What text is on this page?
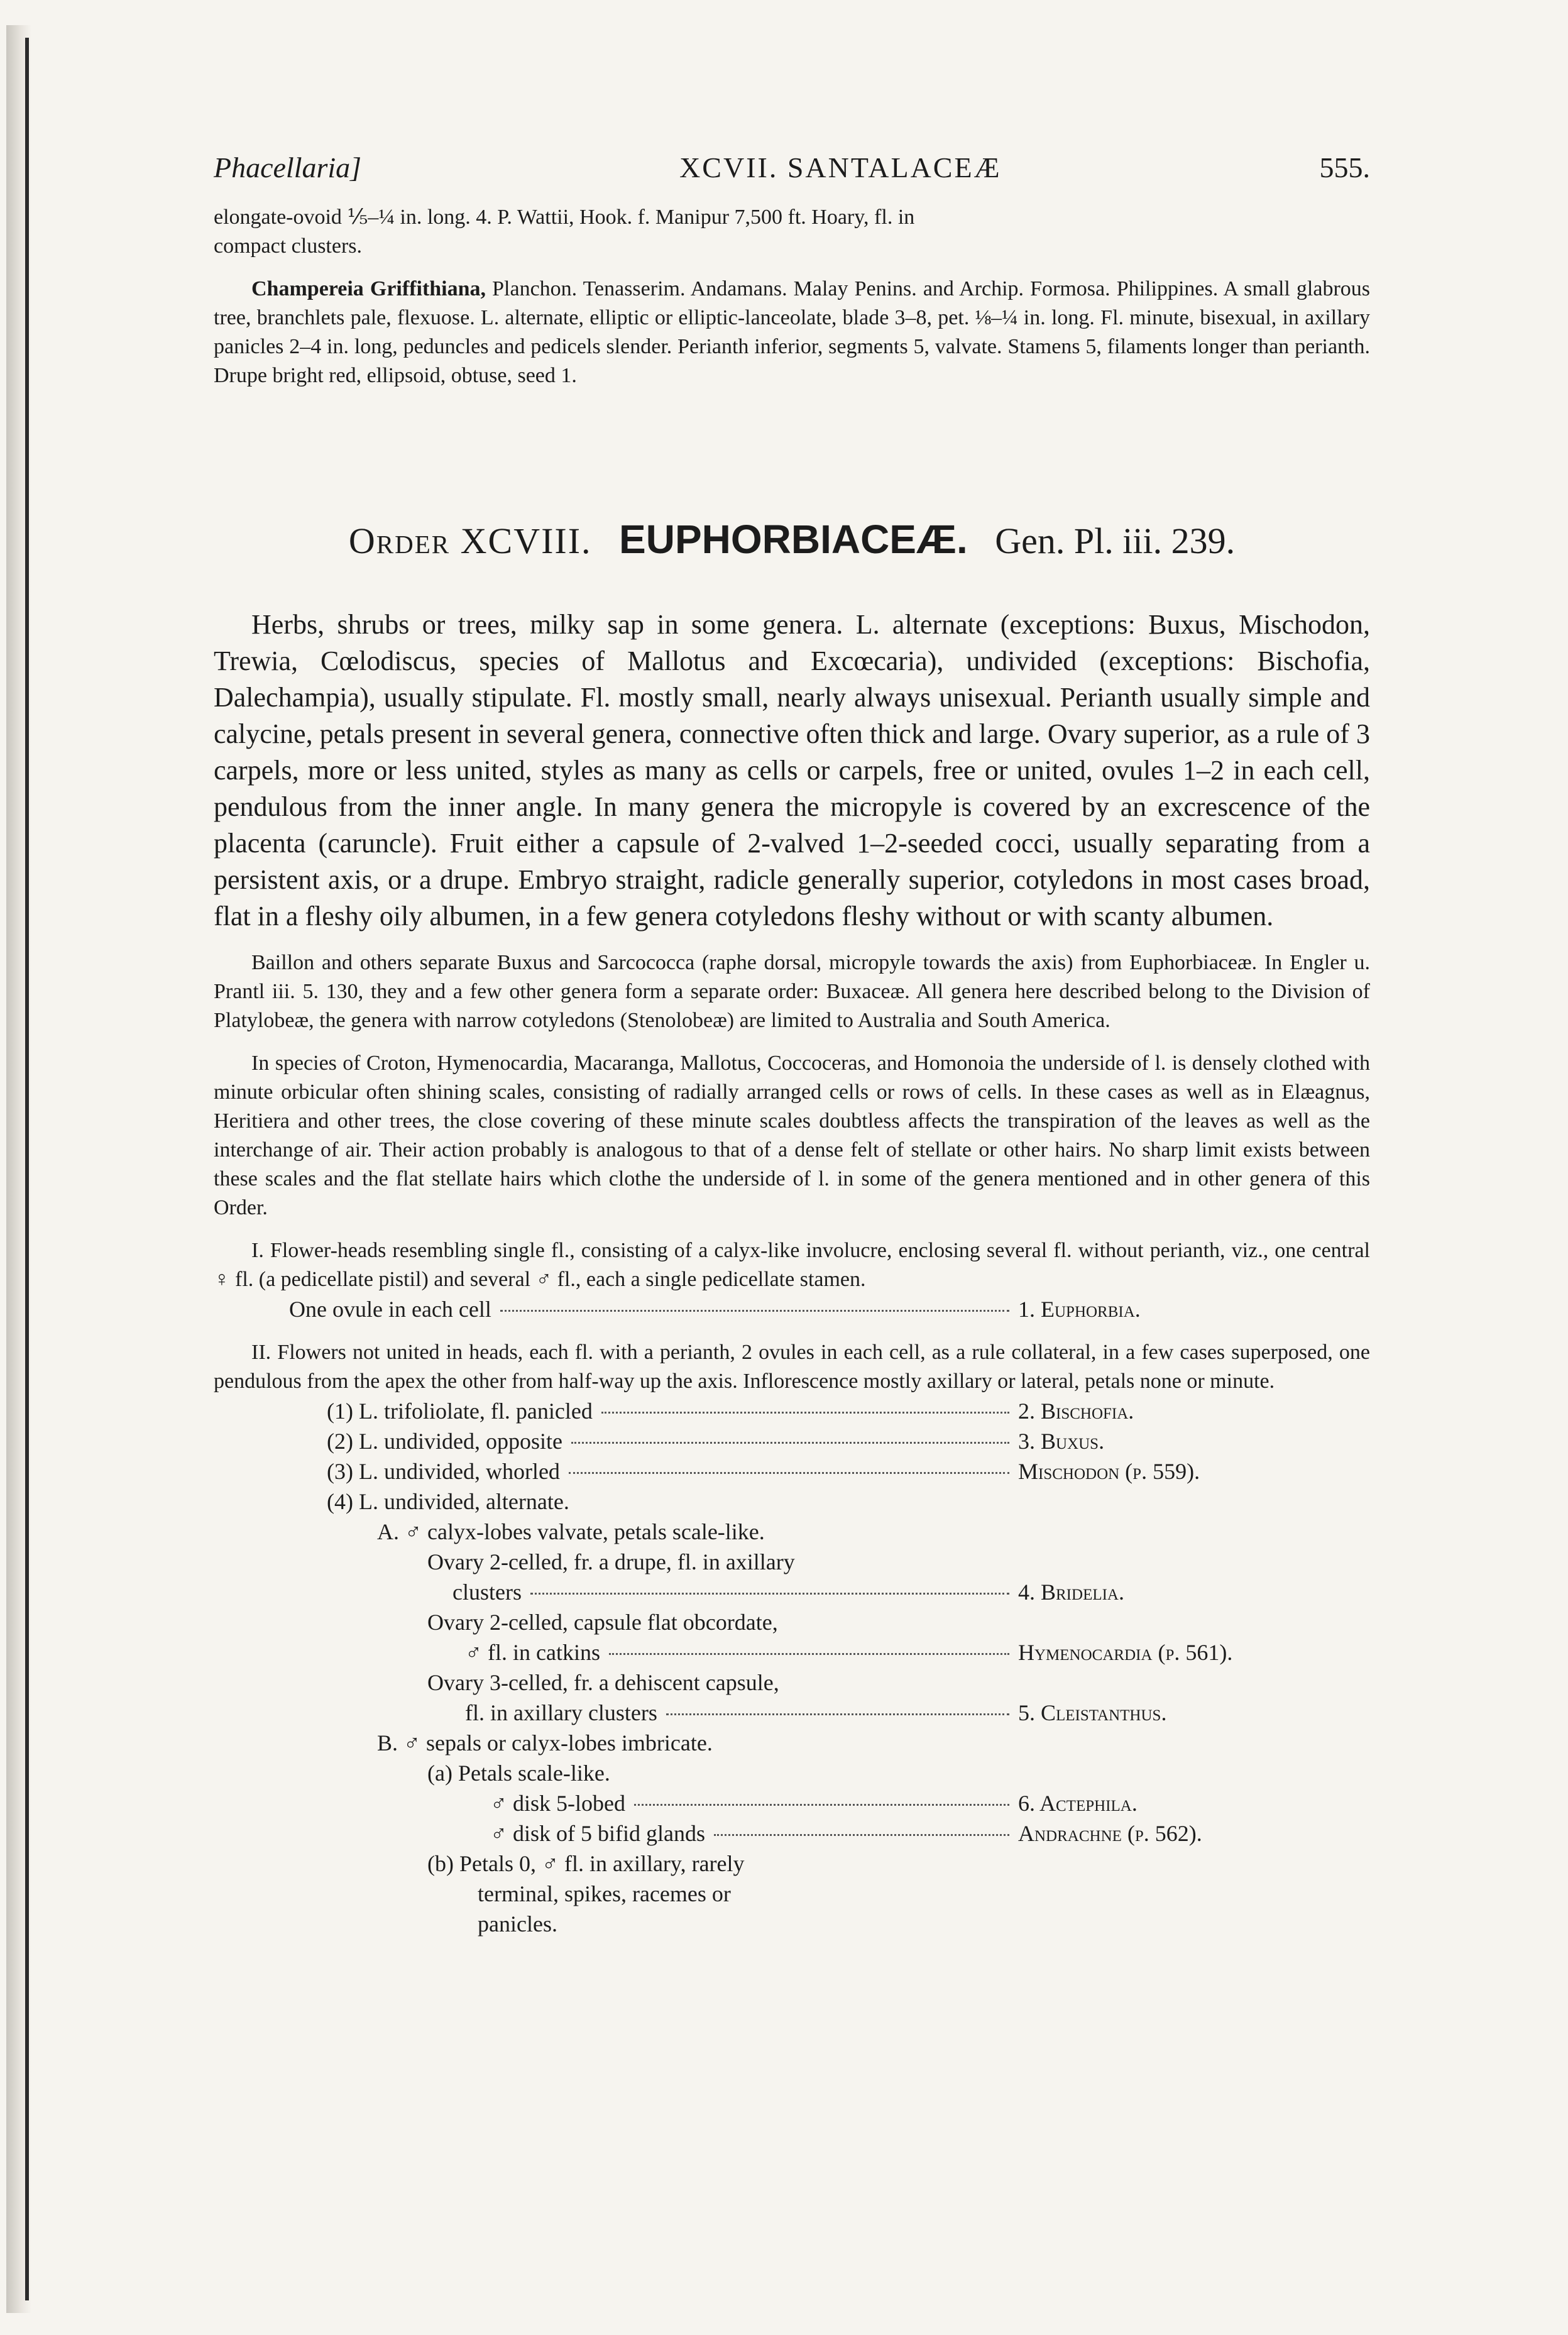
Phacellaria]	XCVII. SANTALACEÆ	555.

elongate-ovoid ⅕–¼ in. long. 4. P. Wattii, Hook. f. Manipur 7,500 ft. Hoary, fl. in

compact clusters.

Champereia Griffithiana, Planchon. Tenasserim. Andamans. Malay Penins. and Archip. Formosa. Philippines. A small glabrous tree, branchlets pale, flexuose. L. alternate, elliptic or elliptic-lanceolate, blade 3–8, pet. ⅛–¼ in. long. Fl. minute, bisexual, in axillary panicles 2–4 in. long, peduncles and pedicels slender. Perianth inferior, segments 5, valvate. Stamens 5, filaments longer than perianth. Drupe bright red, ellipsoid, obtuse, seed 1.

Order XCVIII. EUPHORBIACEÆ. Gen. Pl. iii. 239.

Herbs, shrubs or trees, milky sap in some genera. L. alternate (exceptions: Buxus, Mischodon, Trewia, Cœlodiscus, species of Mallotus and Excœcaria), undivided (exceptions: Bischofia, Dalechampia), usually stipulate. Fl. mostly small, nearly always unisexual. Perianth usually simple and calycine, petals present in several genera, connective often thick and large. Ovary superior, as a rule of 3 carpels, more or less united, styles as many as cells or carpels, free or united, ovules 1–2 in each cell, pendulous from the inner angle. In many genera the micropyle is covered by an excrescence of the placenta (caruncle). Fruit either a capsule of 2-valved 1–2-seeded cocci, usually separating from a persistent axis, or a drupe. Embryo straight, radicle generally superior, cotyledons in most cases broad, flat in a fleshy oily albumen, in a few genera cotyledons fleshy without or with scanty albumen.

Baillon and others separate Buxus and Sarcococca (raphe dorsal, micropyle towards the axis) from Euphorbiaceæ. In Engler u. Prantl iii. 5. 130, they and a few other genera form a separate order: Buxaceæ. All genera here described belong to the Division of Platylobeæ, the genera with narrow cotyledons (Stenolobeæ) are limited to Australia and South America.

In species of Croton, Hymenocardia, Macaranga, Mallotus, Coccoceras, and Homonoia the underside of l. is densely clothed with minute orbicular often shining scales, consisting of radially arranged cells or rows of cells. In these cases as well as in Elæagnus, Heritiera and other trees, the close covering of these minute scales doubtless affects the transpiration of the leaves as well as the interchange of air. Their action probably is analogous to that of a dense felt of stellate or other hairs. No sharp limit exists between these scales and the flat stellate hairs which clothe the underside of l. in some of the genera mentioned and in other genera of this Order.

I. Flower-heads resembling single fl., consisting of a calyx-like involucre, enclosing several fl. without perianth, viz., one central ♀ fl. (a pedicellate pistil) and several ♂ fl., each a single pedicellate stamen.

One ovule in each cell	1. Euphorbia.

II. Flowers not united in heads, each fl. with a perianth, 2 ovules in each cell, as a rule collateral, in a few cases superposed, one pendulous from the apex the other from half-way up the axis. Inflorescence mostly axillary or lateral, petals none or minute.

(1) L. trifoliolate, fl. panicled	2. Bischofia.
(2) L. undivided, opposite	3. Buxus.
(3) L. undivided, whorled	Mischodon (p. 559).
(4) L. undivided, alternate.
A. ♂ calyx-lobes valvate, petals scale-like.
Ovary 2-celled, fr. a drupe, fl. in axillary
clusters	4. Bridelia.
Ovary 2-celled, capsule flat obcordate,
♂ fl. in catkins	Hymenocardia (p. 561).
Ovary 3-celled, fr. a dehiscent capsule,
fl. in axillary clusters	5. Cleistanthus.
B. ♂ sepals or calyx-lobes imbricate.
(a) Petals scale-like.
♂ disk 5-lobed	6. Actephila.
♂ disk of 5 bifid glands	Andrachne (p. 562).
(b) Petals 0, ♂ fl. in axillary, rarely
terminal, spikes, racemes or
panicles.
